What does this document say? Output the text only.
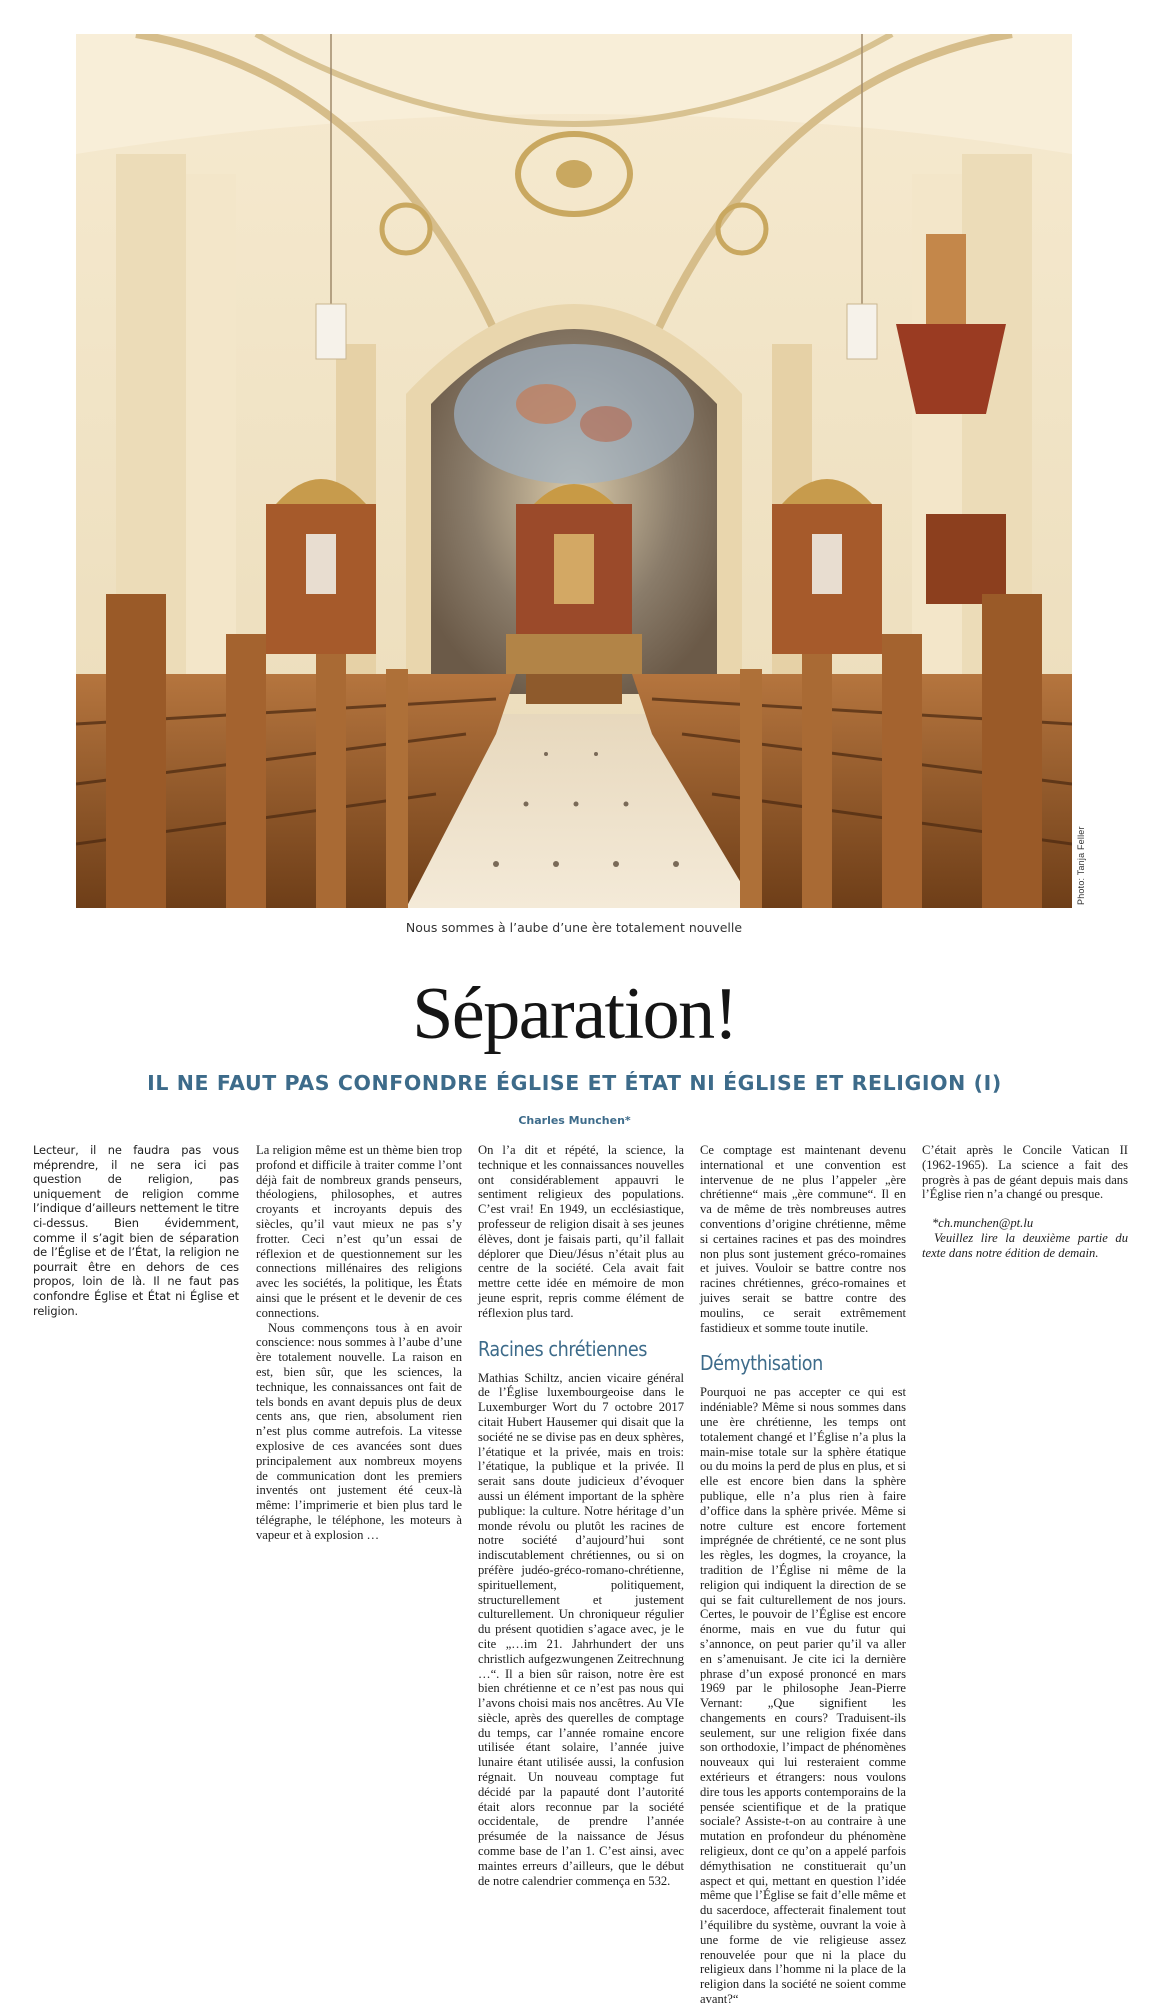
Photo: Tanja Feller
Nous sommes à l’aube d’une ère totalement nouvelle
Séparation!
IL NE FAUT PAS CONFONDRE ÉGLISE ET ÉTAT NI ÉGLISE ET RELIGION (I)
Charles Munchen*

Lecteur, il ne faudra pas vous méprendre, il ne sera ici pas question de religion, pas uniquement de religion comme l’indique d’ailleurs nettement le titre ci-dessus. Bien évidemment, comme il s’agit bien de séparation de l’Église et de l’État, la religion ne pourrait être en dehors de ces propos, loin de là. Il ne faut pas confondre Église et État ni Église et religion.

La religion même est un thème bien trop profond et difficile à traiter comme l’ont déjà fait de nombreux grands penseurs, théologiens, philosophes, et autres croyants et incroyants depuis des siècles, qu’il vaut mieux ne pas s’y frotter. Ceci n’est qu’un essai de réflexion et de questionnement sur les connections millénaires des religions avec les sociétés, la politique, les États ainsi que le présent et le devenir de ces connections.

Nous commençons tous à en avoir conscience: nous sommes à l’aube d’une ère totalement nouvelle. La raison en est, bien sûr, que les sciences, la technique, les connaissances ont fait de tels bonds en avant depuis plus de deux cents ans, que rien, absolument rien n’est plus comme autrefois. La vitesse explosive de ces avancées sont dues principalement aux nombreux moyens de communication dont les premiers inventés ont justement été ceux-là même: l’imprimerie et bien plus tard le télégraphe, le téléphone, les moteurs à vapeur et à explosion …

On l’a dit et répété, la science, la technique et les connaissances nouvelles ont considérablement appauvri le sentiment religieux des populations. C’est vrai! En 1949, un ecclésiastique, professeur de religion disait à ses jeunes élèves, dont je faisais parti, qu’il fallait déplorer que Dieu/Jésus n’était plus au centre de la société. Cela avait fait mettre cette idée en mémoire de mon jeune esprit, repris comme élément de réflexion plus tard.

Racines chrétiennes

Mathias Schiltz, ancien vicaire général de l’Église luxembourgeoise dans le Luxemburger Wort du 7 octobre 2017 citait Hubert Hausemer qui disait que la société ne se divise pas en deux sphères, l’étatique et la privée, mais en trois: l’étatique, la publique et la privée. Il serait sans doute judicieux d’évoquer aussi un élément important de la sphère publique: la culture. Notre héritage d’un monde révolu ou plutôt les racines de notre société d’aujourd’hui sont indiscutablement chrétiennes, ou si on préfère judéo-gréco-romano-chrétienne, spirituellement, politiquement, structurellement et justement culturellement. Un chroniqueur régulier du présent quotidien s’agace avec, je le cite „…im 21. Jahrhundert der uns christlich aufgezwungenen Zeitrechnung …“. Il a bien sûr raison, notre ère est bien chrétienne et ce n’est pas nous qui l’avons choisi mais nos ancêtres. Au VIe siècle, après des querelles de comptage du temps, car l’année romaine encore utilisée étant solaire, l’année juive lunaire étant utilisée aussi, la confusion régnait. Un nouveau comptage fut décidé par la papauté dont l’autorité était alors reconnue par la société occidentale, de prendre l’année présumée de la naissance de Jésus comme base de l’an 1. C’est ainsi, avec maintes erreurs d’ailleurs, que le début de notre calendrier commença en 532.

Ce comptage est maintenant devenu international et une convention est intervenue de ne plus l’appeler „ère chrétienne“ mais „ère commune“. Il en va de même de très nombreuses autres conventions d’origine chrétienne, même si certaines racines et pas des moindres non plus sont justement gréco-romaines et juives. Vouloir se battre contre nos racines chrétiennes, gréco-romaines et juives serait se battre contre des moulins, ce serait extrêmement fastidieux et somme toute inutile.

Démythisation

Pourquoi ne pas accepter ce qui est indéniable? Même si nous sommes dans une ère chrétienne, les temps ont totalement changé et l’Église n’a plus la main-mise totale sur la sphère étatique ou du moins la perd de plus en plus, et si elle est encore bien dans la sphère publique, elle n’a plus rien à faire d’office dans la sphère privée. Même si notre culture est encore fortement imprégnée de chrétienté, ce ne sont plus les règles, les dogmes, la croyance, la tradition de l’Église ni même de la religion qui indiquent la direction de se qui se fait culturellement de nos jours. Certes, le pouvoir de l’Église est encore énorme, mais en vue du futur qui s’annonce, on peut parier qu’il va aller en s’amenuisant. Je cite ici la dernière phrase d’un exposé prononcé en mars 1969 par le philosophe Jean-Pierre Vernant: „Que signifient les changements en cours? Traduisent-ils seulement, sur une religion fixée dans son orthodoxie, l’impact de phénomènes nouveaux qui lui resteraient comme extérieurs et étrangers: nous voulons dire tous les apports contemporains de la pensée scientifique et de la pratique sociale? Assiste-t-on au contraire à une mutation en profondeur du phénomène religieux, dont ce qu’on a appelé parfois démythisation ne constituerait qu’un aspect et qui, mettant en question l’idée même que l’Église se fait d’elle même et du sacerdoce, affecterait finalement tout l’équilibre du système, ouvrant la voie à une forme de vie religieuse assez renouvelée pour que ni la place du religieux dans l’homme ni la place de la religion dans la société ne soient comme avant?“

C’était après le Concile Vatican II (1962-1965). La science a fait des progrès à pas de géant depuis mais dans l’Église rien n’a changé ou presque.

*ch.munchen@pt.lu

Veuillez lire la deuxième partie du texte dans notre édition de demain.
